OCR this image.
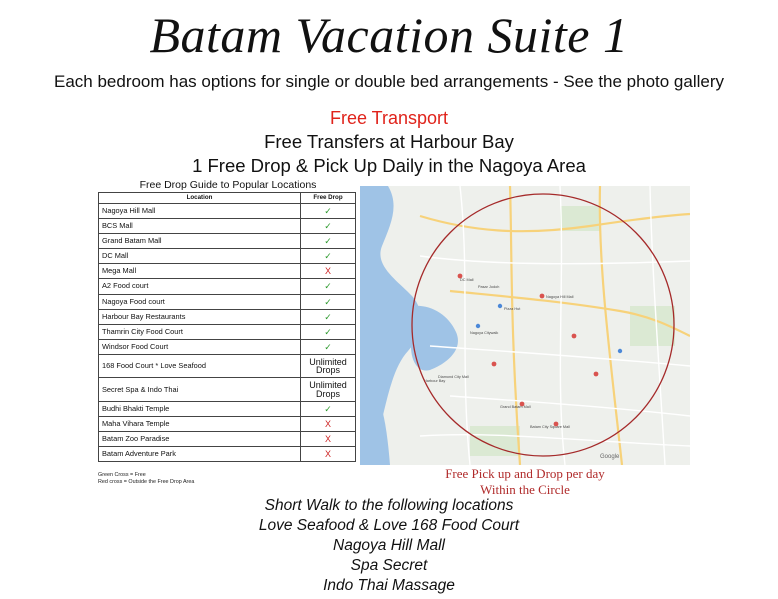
Batam Vacation Suite 1
Each bedroom has options for single or double bed arrangements - See the photo gallery
Free Transport
Free Transfers at Harbour Bay
1 Free Drop & Pick Up Daily in the Nagoya Area
Free Drop Guide to Popular Locations
Location	Free Drop
Nagoya Hill Mall	✓
BCS Mall	✓
Grand Batam Mall	✓
DC Mall	✓
Mega Mall	X
A2 Food court	✓
Nagoya Food court	✓
Harbour Bay Restaurants	✓
Thamrin City Food Court	✓
Windsor Food Court	✓
168 Food Court * Love Seafood	Unlimited Drops
Secret Spa & Indo Thai	Unlimited Drops
Budhi Bhakti Temple	✓
Maha Vihara Temple	X
Batam Zoo Paradise	X
Batam Adventure Park	X
Green Cross = Free
Red cross = Outside the Free Drop Area
Nagoya Hill Mall
Grand Batam Mall
DC Mall
Diamond City Mall
Pizza Hut
Nagoya Citywalk
Batam City Square Mall
Pasar Jodoh
Google
Harbour Bay
Free Pick up and Drop per day
Within the Circle
Short Walk to the following locations
Love Seafood & Love 168 Food Court
Nagoya Hill Mall
Spa Secret
Indo Thai Massage
